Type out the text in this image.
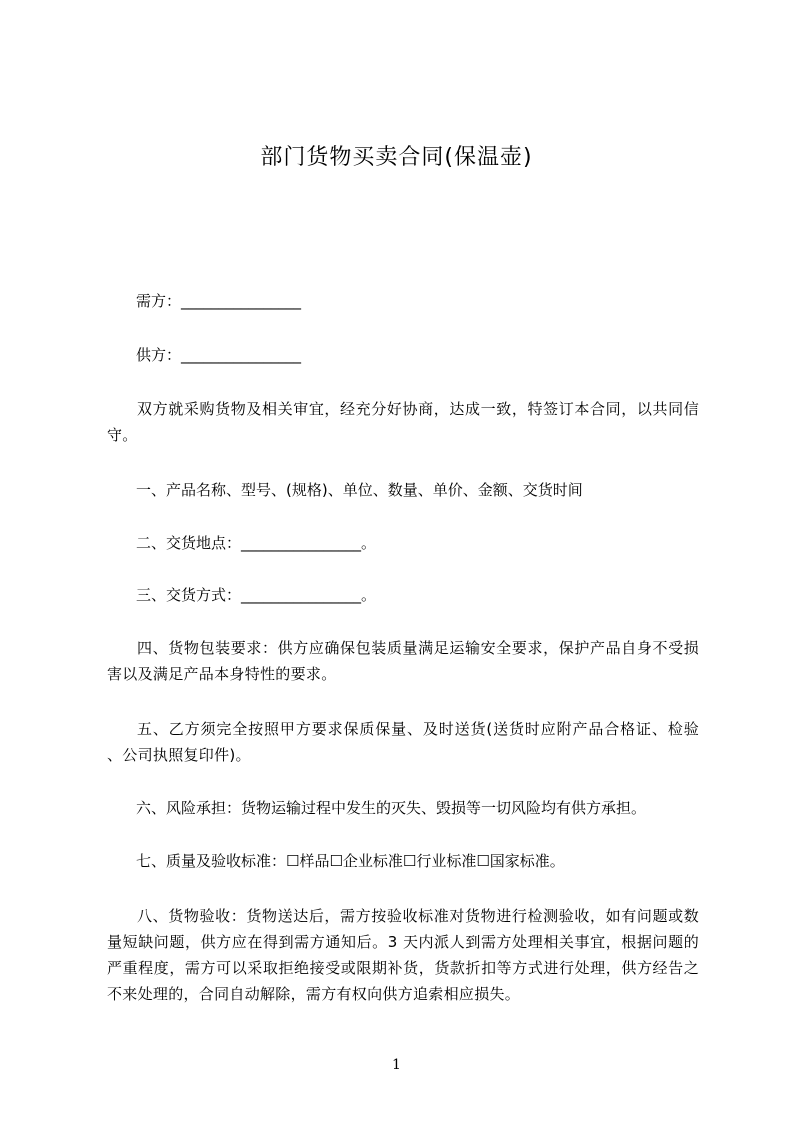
部门货物买卖合同(保温壶)
需方：________________
供方：________________
双方就采购货物及相关审宜，经充分好协商，达成一致，特签订本合同，以共同信守。
一、产品名称、型号、(规格)、单位、数量、单价、金额、交货时间
二、交货地点：________________。
三、交货方式：________________。
四、货物包装要求：供方应确保包装质量满足运输安全要求，保护产品自身不受损害以及满足产品本身特性的要求。
五、乙方须完全按照甲方要求保质保量、及时送货(送货时应附产品合格证、检验 、公司执照复印件)。
六、风险承担：货物运输过程中发生的灭失、毁损等一切风险均有供方承担。
七、质量及验收标准：☐样品☐企业标准☐行业标准☐国家标准。
八、货物验收：货物送达后，需方按验收标准对货物进行检测验收，如有问题或数量短缺问题，供方应在得到需方通知后。3 天内派人到需方处理相关事宜，根据问题的严重程度，需方可以采取拒绝接受或限期补货，货款折扣等方式进行处理，供方经告之不来处理的，合同自动解除，需方有权向供方追索相应损失。
1
